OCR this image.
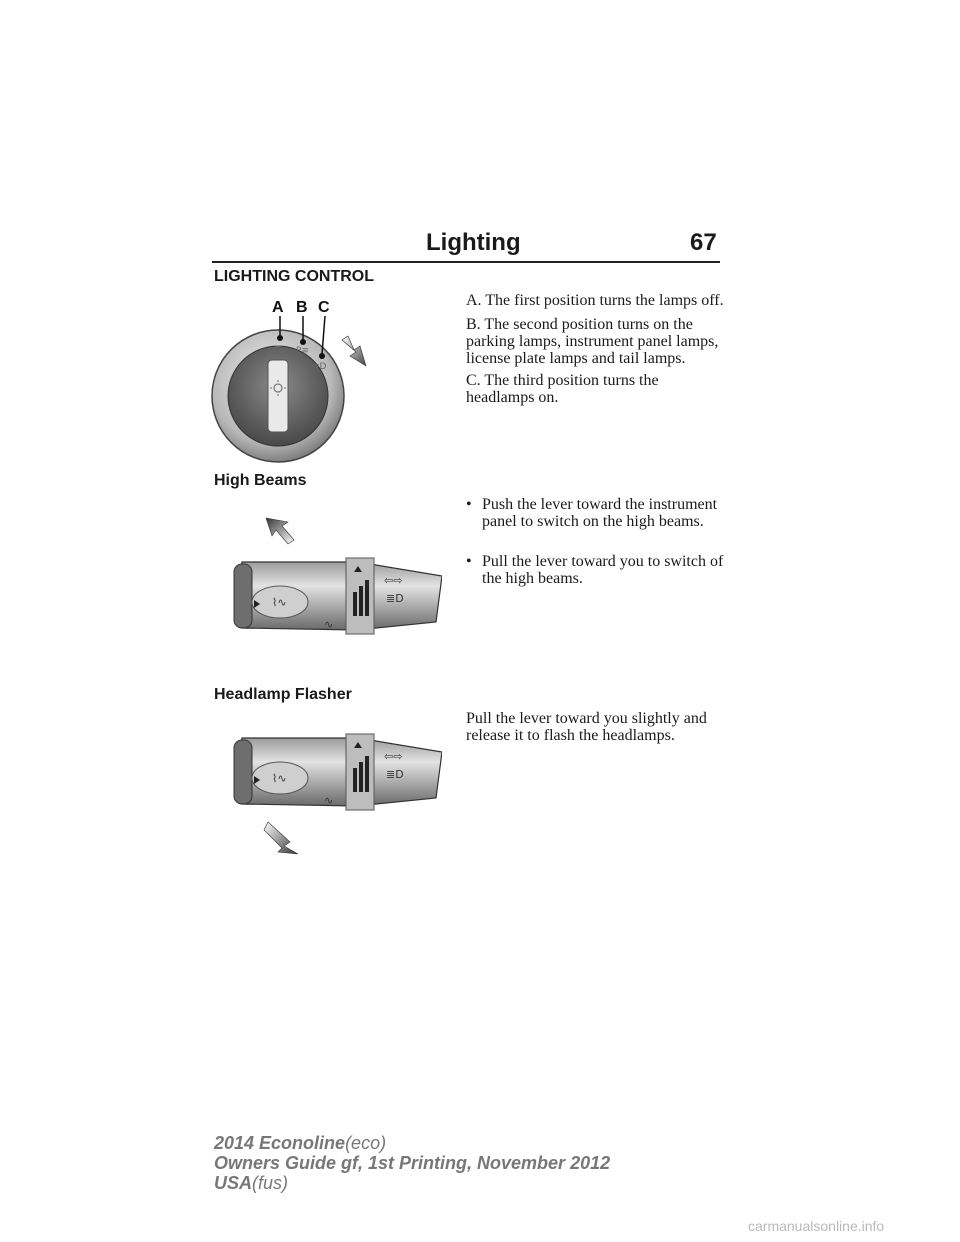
Lighting	67
LIGHTING CONTROL
P≡
≡D
A B C	A. The first position turns the lamps off.
B. The second position turns on the parking lamps, instrument panel lamps, license plate lamps and tail lamps.
C. The third position turns the headlamps on.
High Beams
⌇∿
∿
⇦⇨
≣D
• Push the lever toward the instrument panel to switch on the high beams.
• Pull the lever toward you to switch of the high beams.
Headlamp Flasher
⌇∿
∿
⇦⇨
≣D
Pull the lever toward you slightly and release it to flash the headlamps.
2014 Econoline(eco)
Owners Guide gf, 1st Printing, November 2012
USA(fus)
carmanualsonline.info
